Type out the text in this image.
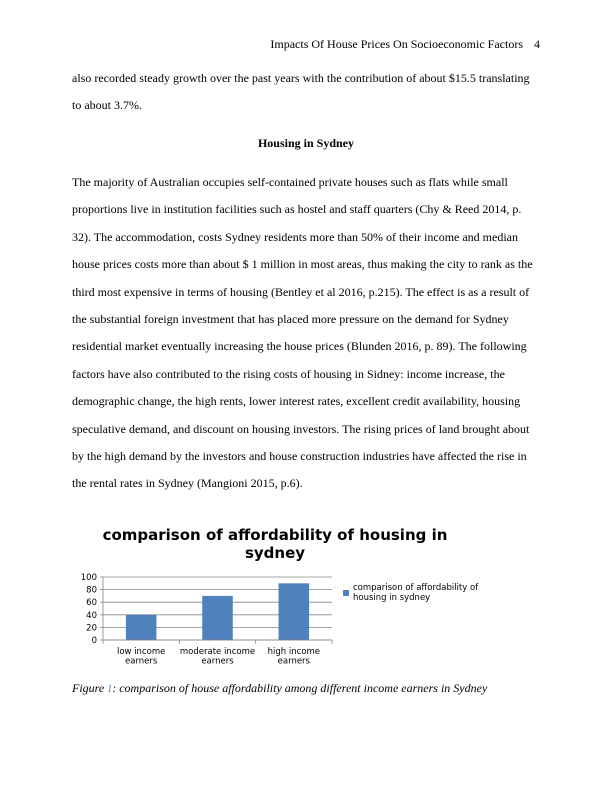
Impacts Of House Prices On Socioeconomic Factors 4
also recorded steady growth over the past years with the contribution of about $15.5 translating
to about 3.7%.
Housing in Sydney
The majority of Australian occupies self-contained private houses such as flats while small
proportions live in institution facilities such as hostel and staff quarters (Chy & Reed 2014, p.
32). The accommodation, costs Sydney residents more than 50% of their income and median
house prices costs more than about $ 1 million in most areas, thus making the city to rank as the
third most expensive in terms of housing (Bentley et al 2016, p.215). The effect is as a result of
the substantial foreign investment that has placed more pressure on the demand for Sydney
residential market eventually increasing the house prices (Blunden 2016, p. 89). The following
factors have also contributed to the rising costs of housing in Sidney: income increase, the
demographic change, the high rents, lower interest rates, excellent credit availability, housing
speculative demand, and discount on housing investors. The rising prices of land brought about
by the high demand by the investors and house construction industries have affected the rise in
the rental rates in Sydney (Mangioni 2015, p.6).
comparison of affordability of housing in sydney
0
20
40
60
80
100
low income
earners
moderate income
earners
high income
earners
comparison of affordability of
housing in sydney
Figure 1: comparison of house affordability among different income earners in Sydney
